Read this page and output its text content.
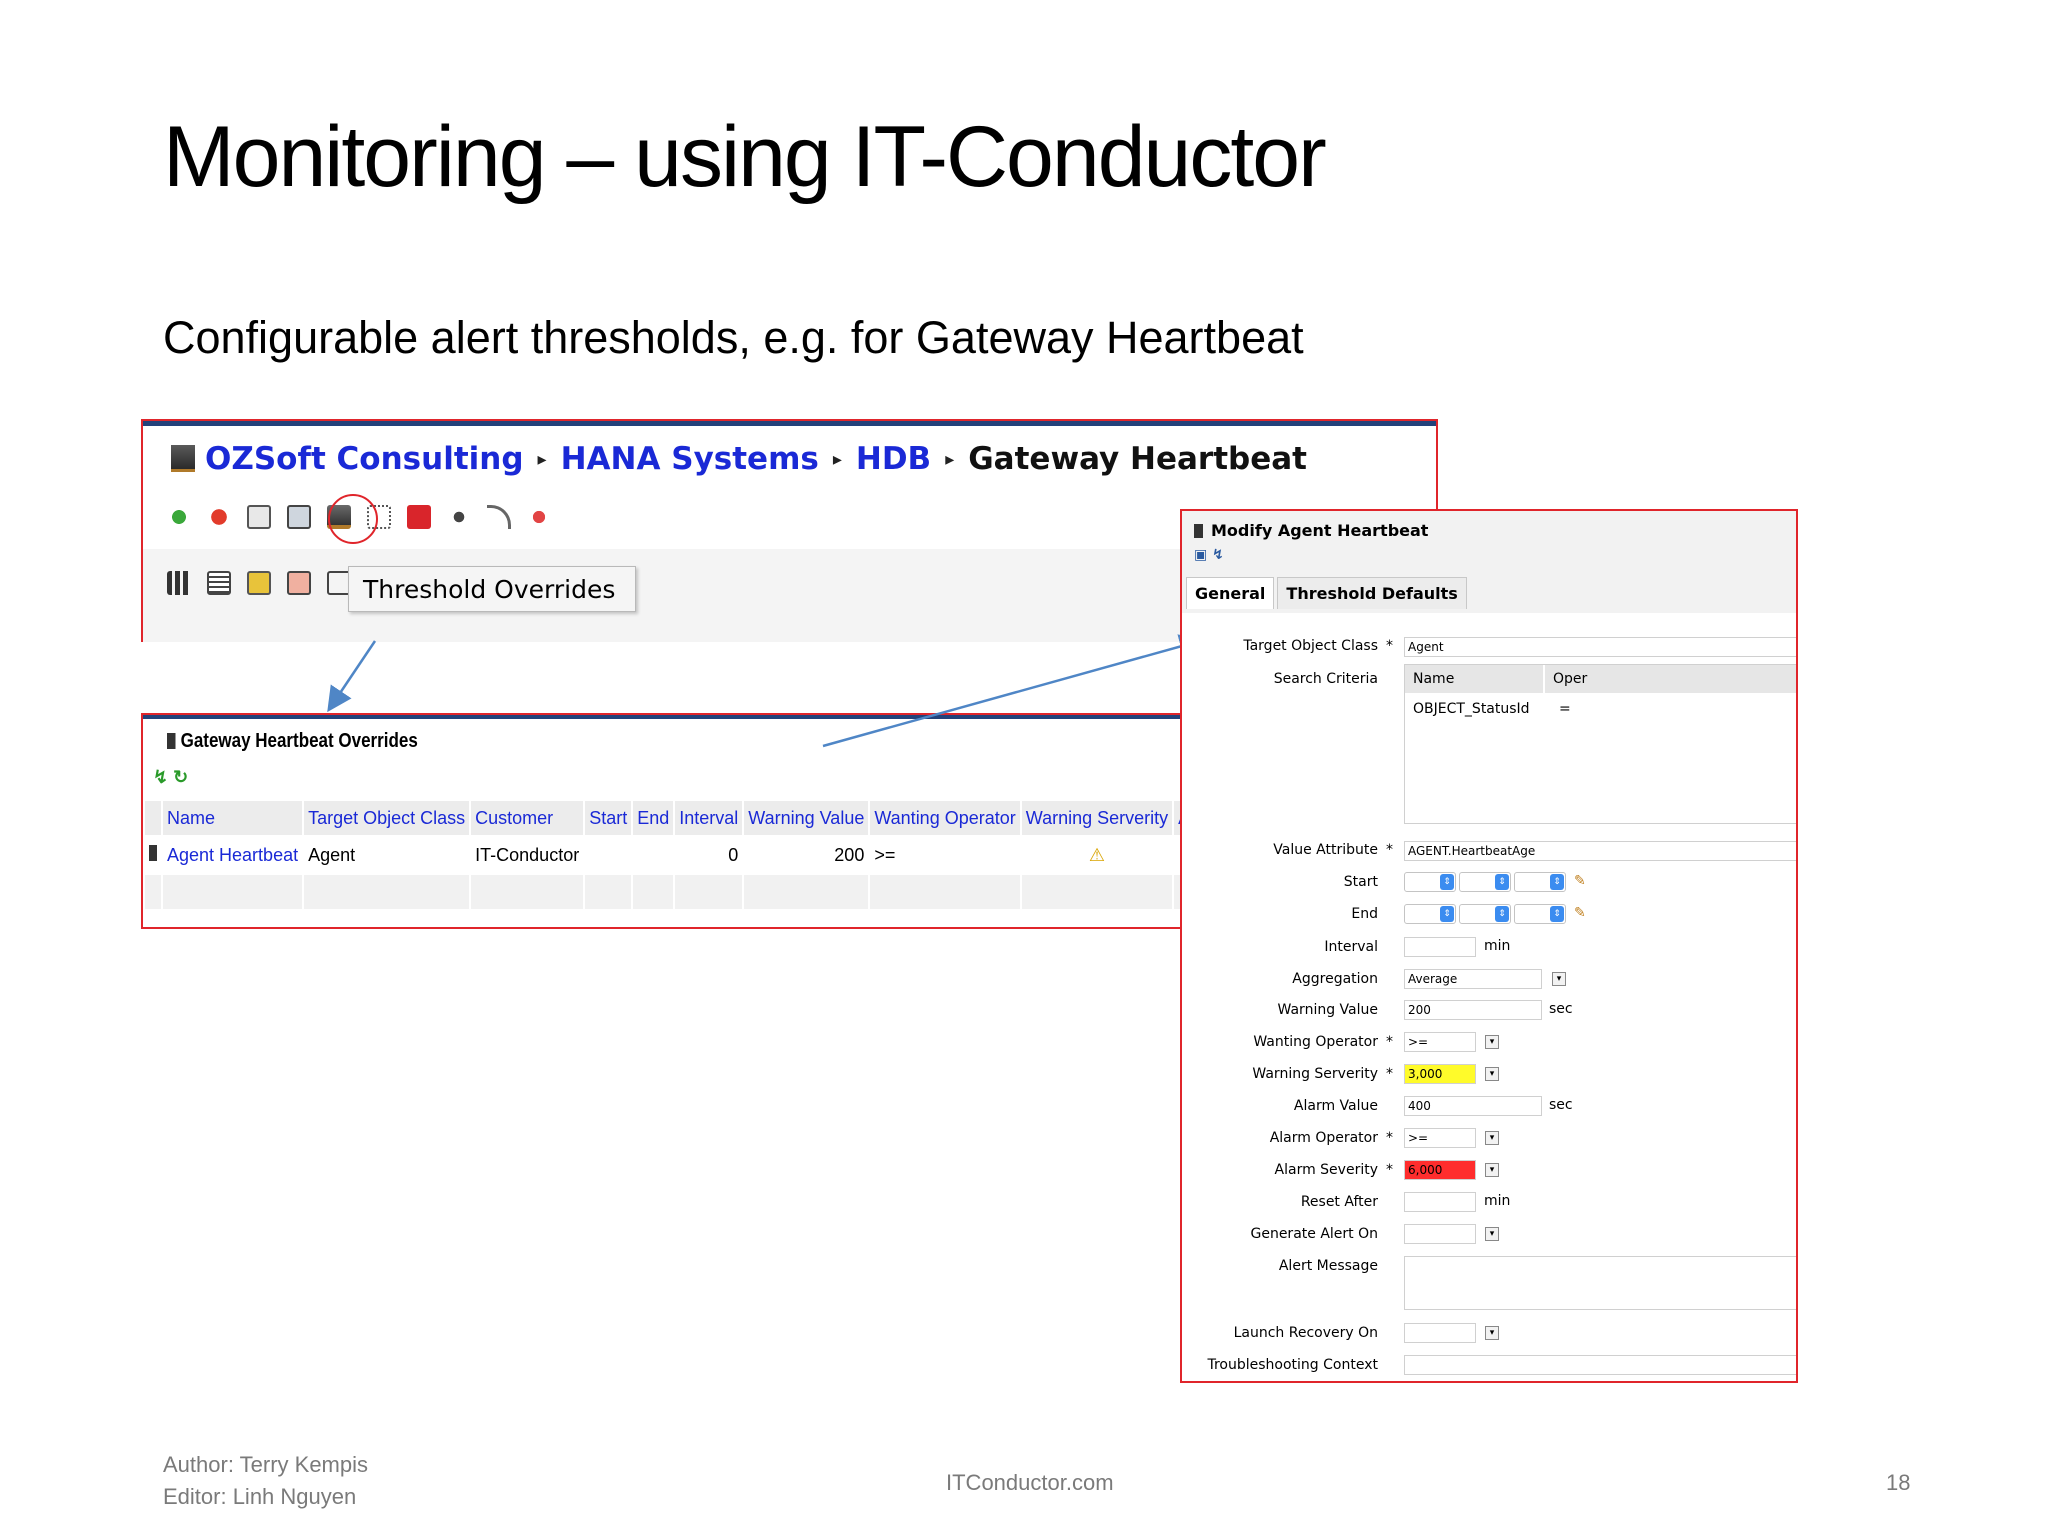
Monitoring – using IT-Conductor
Configurable alert thresholds, e.g. for Gateway Heartbeat
OZSoft Consulting ▸ HANA Systems ▸ HDB ▸ Gateway Heartbeat
Threshold Overrides
Gateway Heartbeat Overrides
↯ ↻
	Name	Target Object Class	Customer	Start	End	Interval	Warning Value	Wanting Operator	Warning Serverity		
	Agent Heartbeat	Agent	IT-Conductor			0	200	>=	⚠		

Modify Agent Heartbeat
▣ ↯
General	Threshold Defaults
Target Object Class *	Agent
Search Criteria	Name	Oper
OBJECT_StatusId =
Value Attribute *	AGENT.HeartbeatAge
Start	⇕	⇕	⇕ ✎
End	⇕	⇕	⇕ ✎
Interval	min
Aggregation	Average	▾
Warning Value	200	sec
Wanting Operator *	>=	▾
Warning Serverity *	3,000	▾
Alarm Value	400	sec
Alarm Operator *	>=	▾
Alarm Severity *	6,000	▾
Reset After	min
Generate Alert On	▾
Alert Message
Launch Recovery On	▾
Troubleshooting Context
Author: Terry Kempis
Editor: Linh Nguyen
ITConductor.com	18
